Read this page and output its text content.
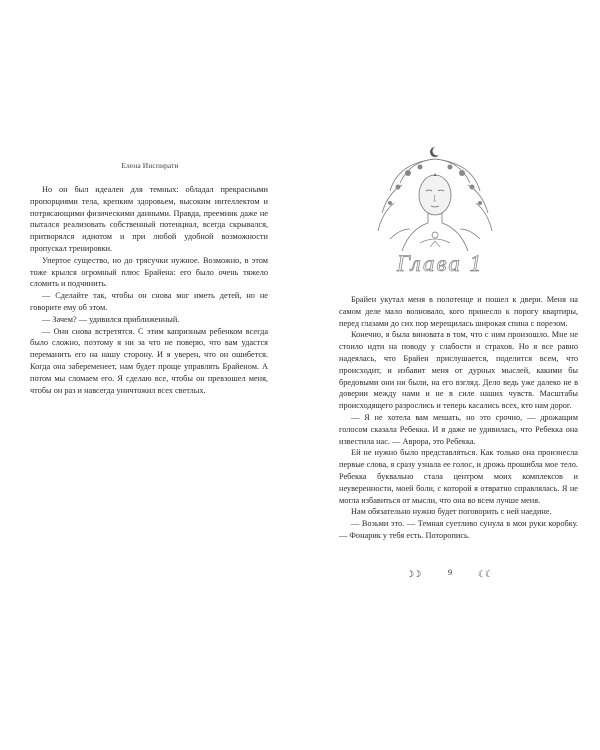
Елена Инспирати

Но он был идеален для темных: обладал прекрасными пропорциями тела, крепким здоровьем, высоким интеллектом и потрясающими физическими данными. Правда, преемник даже не пытался реализовать собственный потенциал, всегда скрывался, притворялся идиотом и при любой удобной возможности пропускал тренировки.

Упертое существо, но до трясучки нужное. Возможно, в этом тоже крылся огромный плюс Брайена: его было очень тяжело сломить и подчинить.

— Сделайте так, чтобы он снова мог иметь детей, но не говорите ему об этом.

— Зачем? — удивился приближенный.

— Они снова встретятся. С этим капризным ребенком всегда было сложно, поэтому я ни за что не поверю, что вам удастся переманить его на нашу сторону. И я уверен, что он ошибется. Когда она забеременеет, нам будет проще управлять Брайеном. А потом мы сломаем его. Я сделаю все, чтобы он превзошел меня, чтобы он раз и навсегда уничтожил всех светлых.

Глава 1

Брайен укутал меня в полотенце и пошел к двери. Меня на самом деле мало волновало, кого принесло к порогу квартиры, перед глазами до сих пор мерещилась широкая спина с порезом.

Конечно, я была виновата в том, что с ним произошло. Мне не стоило идти на поводу у слабости и страхов. Но я все равно надеялась, что Брайен прислушается, поделится всем, что происходит, и избавит меня от дурных мыслей, какими бы бредовыми они ни были, на его взгляд. Дело ведь уже далеко не в доверии между нами и не в силе наших чувств. Масштабы происходящего разрослись и теперь касались всех, кто нам дорог.

— Я не хотела вам мешать, но это срочно, — дрожащим голосом сказала Ребекка. И я даже не удивилась, что Ребекка она известила нас. — Аврора, это Ребекка.

Ей не нужно было представляться. Как только она произнесла первые слова, я сразу узнала ее голос, и дрожь прошибла мое тело. Ребекка буквально стала центром моих комплексов и неуверенности, моей боли, с которой я отвратно справлялась. Я не могла избавиться от мысли, что она во всем лучше меня.

Нам обязательно нужно будет поговорить с ней наедине.

— Возьми это. — Темная суетливо сунула в мои руки коробку. — Фонарик у тебя есть. Поторопись.

☽☽	9	☾☾
